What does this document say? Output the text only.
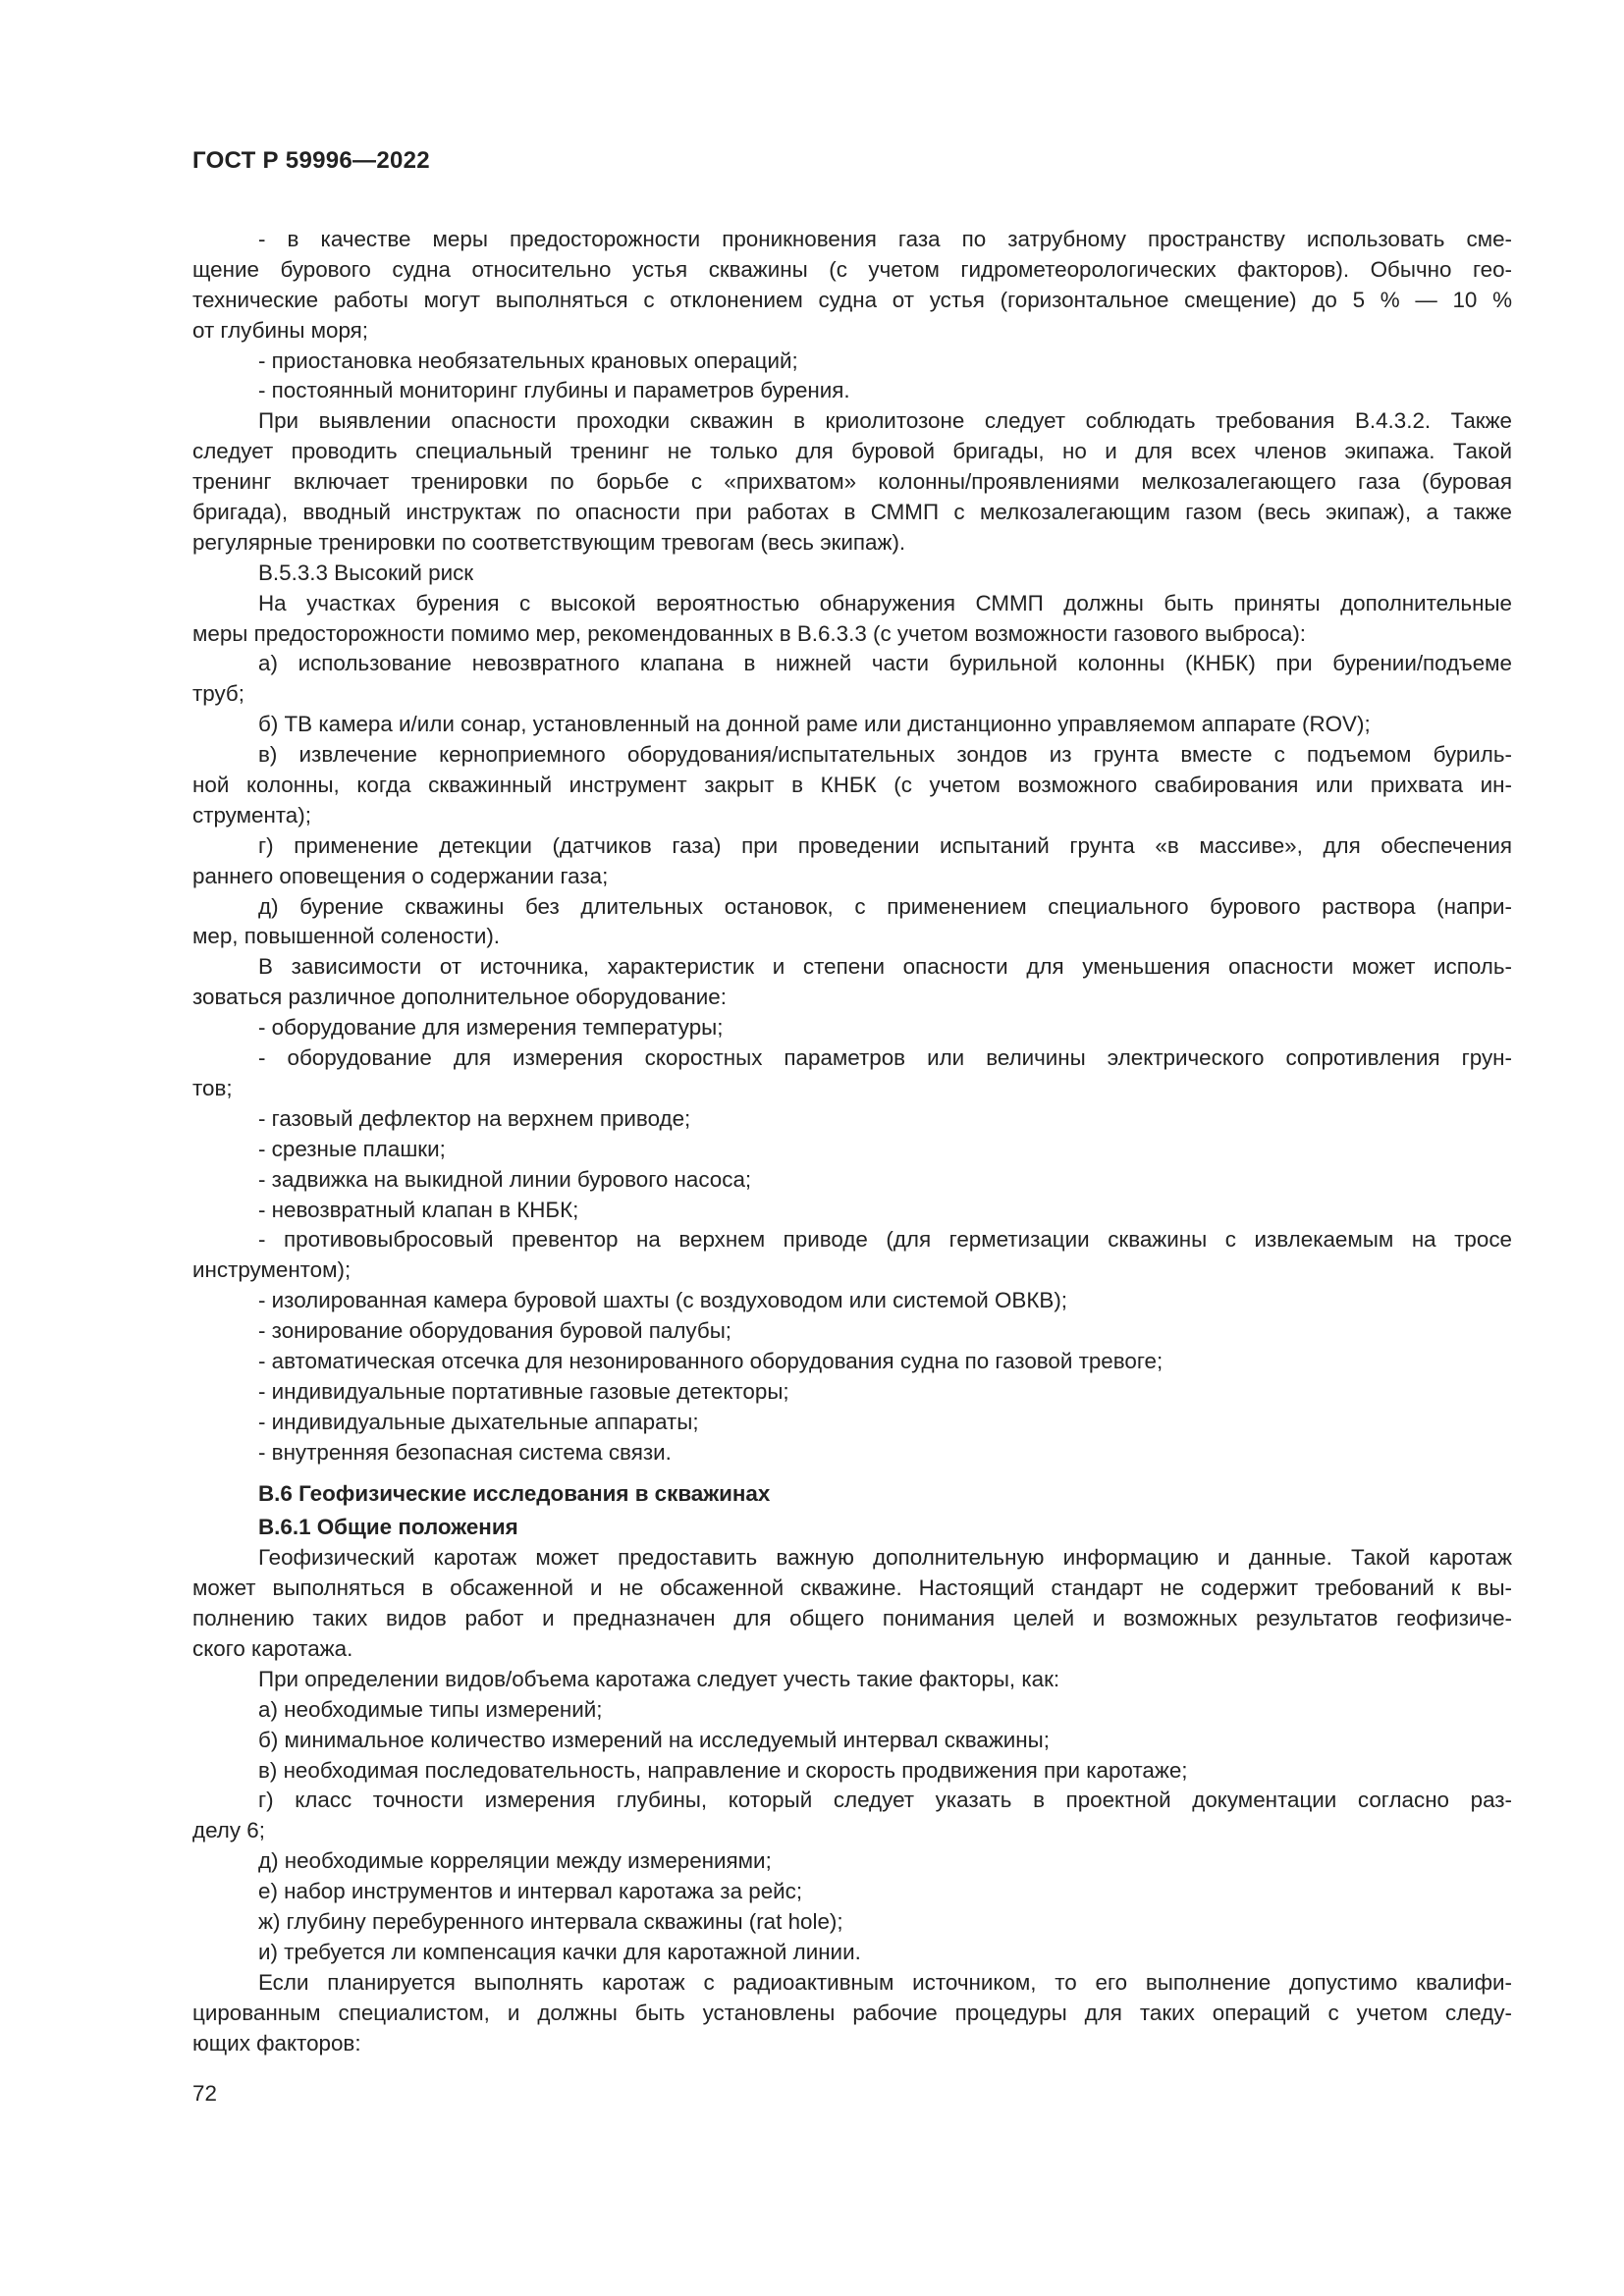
ГОСТ Р 59996—2022
- в качестве меры предосторожности проникновения газа по затрубному пространству использовать сме-
щение бурового судна относительно устья скважины (с учетом гидрометеорологических факторов). Обычно гео-
технические работы могут выполняться с отклонением судна от устья (горизонтальное смещение) до 5 % — 10 %
от глубины моря;
- приостановка необязательных крановых операций;
- постоянный мониторинг глубины и параметров бурения.
При выявлении опасности проходки скважин в криолитозоне следует соблюдать требования В.4.3.2. Также
следует проводить специальный тренинг не только для буровой бригады, но и для всех членов экипажа. Такой
тренинг включает тренировки по борьбе с «прихватом» колонны/проявлениями мелкозалегающего газа (буровая
бригада), вводный инструктаж по опасности при работах в СММП с мелкозалегающим газом (весь экипаж), а также
регулярные тренировки по соответствующим тревогам (весь экипаж).
В.5.3.3 Высокий риск
На участках бурения с высокой вероятностью обнаружения СММП должны быть приняты дополнительные
меры предосторожности помимо мер, рекомендованных в В.6.3.3 (с учетом возможности газового выброса):
а) использование невозвратного клапана в нижней части бурильной колонны (КНБК) при бурении/подъеме
труб;
б) ТВ камера и/или сонар, установленный на донной раме или дистанционно управляемом аппарате (ROV);
в) извлечение керноприемного оборудования/испытательных зондов из грунта вместе с подъемом буриль-
ной колонны, когда скважинный инструмент закрыт в КНБК (с учетом возможного свабирования или прихвата ин-
струмента);
г) применение детекции (датчиков газа) при проведении испытаний грунта «в массиве», для обеспечения
раннего оповещения о содержании газа;
д) бурение скважины без длительных остановок, с применением специального бурового раствора (напри-
мер, повышенной солености).
В зависимости от источника, характеристик и степени опасности для уменьшения опасности может исполь-
зоваться различное дополнительное оборудование:
- оборудование для измерения температуры;
- оборудование для измерения скоростных параметров или величины электрического сопротивления грун-
тов;
- газовый дефлектор на верхнем приводе;
- срезные плашки;
- задвижка на выкидной линии бурового насоса;
- невозвратный клапан в КНБК;
- противовыбросовый превентор на верхнем приводе (для герметизации скважины с извлекаемым на тросе
инструментом);
- изолированная камера буровой шахты (с воздуховодом или системой ОВКВ);
- зонирование оборудования буровой палубы;
- автоматическая отсечка для незонированного оборудования судна по газовой тревоге;
- индивидуальные портативные газовые детекторы;
- индивидуальные дыхательные аппараты;
- внутренняя безопасная система связи.
В.6 Геофизические исследования в скважинах
В.6.1 Общие положения
Геофизический каротаж может предоставить важную дополнительную информацию и данные. Такой каротаж
может выполняться в обсаженной и не обсаженной скважине. Настоящий стандарт не содержит требований к вы-
полнению таких видов работ и предназначен для общего понимания целей и возможных результатов геофизиче-
ского каротажа.
При определении видов/объема каротажа следует учесть такие факторы, как:
а) необходимые типы измерений;
б) минимальное количество измерений на исследуемый интервал скважины;
в) необходимая последовательность, направление и скорость продвижения при каротаже;
г) класс точности измерения глубины, который следует указать в проектной документации согласно раз-
делу 6;
д) необходимые корреляции между измерениями;
е) набор инструментов и интервал каротажа за рейс;
ж) глубину перебуренного интервала скважины (rat hole);
и) требуется ли компенсация качки для каротажной линии.
Если планируется выполнять каротаж с радиоактивным источником, то его выполнение допустимо квалифи-
цированным специалистом, и должны быть установлены рабочие процедуры для таких операций с учетом следу-
ющих факторов:
72
